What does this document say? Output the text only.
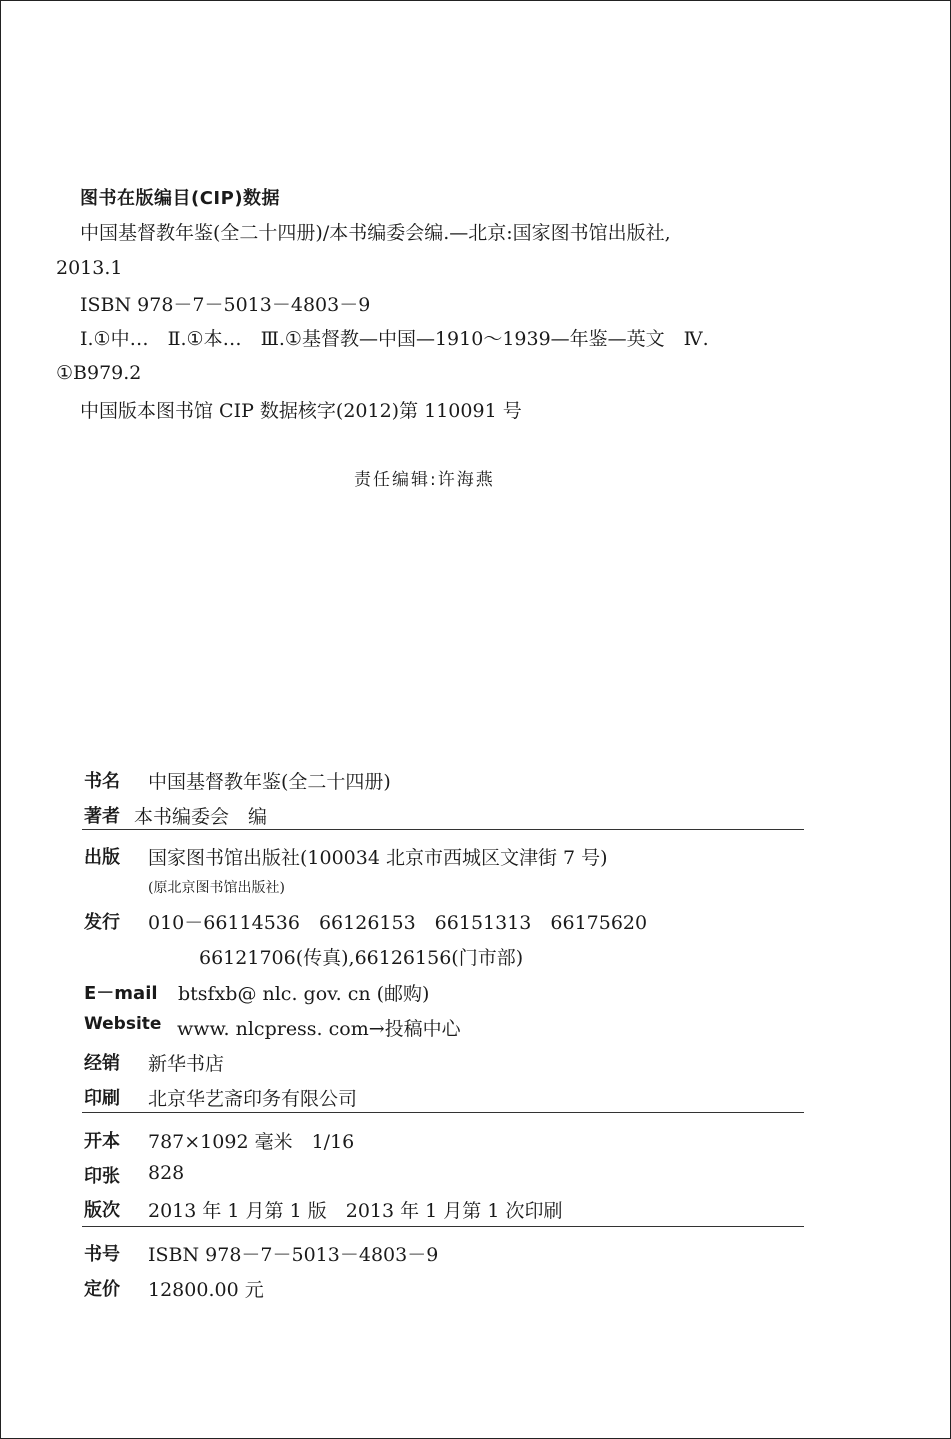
图书在版编目(CIP)数据
中国基督教年鉴(全二十四册)/本书编委会编.—北京:国家图书馆出版社,
2013.1
ISBN 978－7－5013－4803－9
Ⅰ.①中…　Ⅱ.①本…　Ⅲ.①基督教—中国—1910～1939—年鉴—英文　Ⅳ.
①B979.2
中国版本图书馆 CIP 数据核字(2012)第 110091 号
责任编辑:许海燕
书名 中国基督教年鉴(全二十四册)
著者 本书编委会　编
出版 国家图书馆出版社(100034 北京市西城区文津街 7 号)
(原北京图书馆出版社)
发行 010－66114536　66126153　66151313　66175620
66121706(传真),66126156(门市部)
E－mail btsfxb@ nlc. gov. cn (邮购)
Website www. nlcpress. com→投稿中心
经销 新华书店
印刷 北京华艺斋印务有限公司
开本 787×1092 毫米　1/16
印张 828
版次 2013 年 1 月第 1 版　2013 年 1 月第 1 次印刷
书号 ISBN 978－7－5013－4803－9
定价 12800.00 元
